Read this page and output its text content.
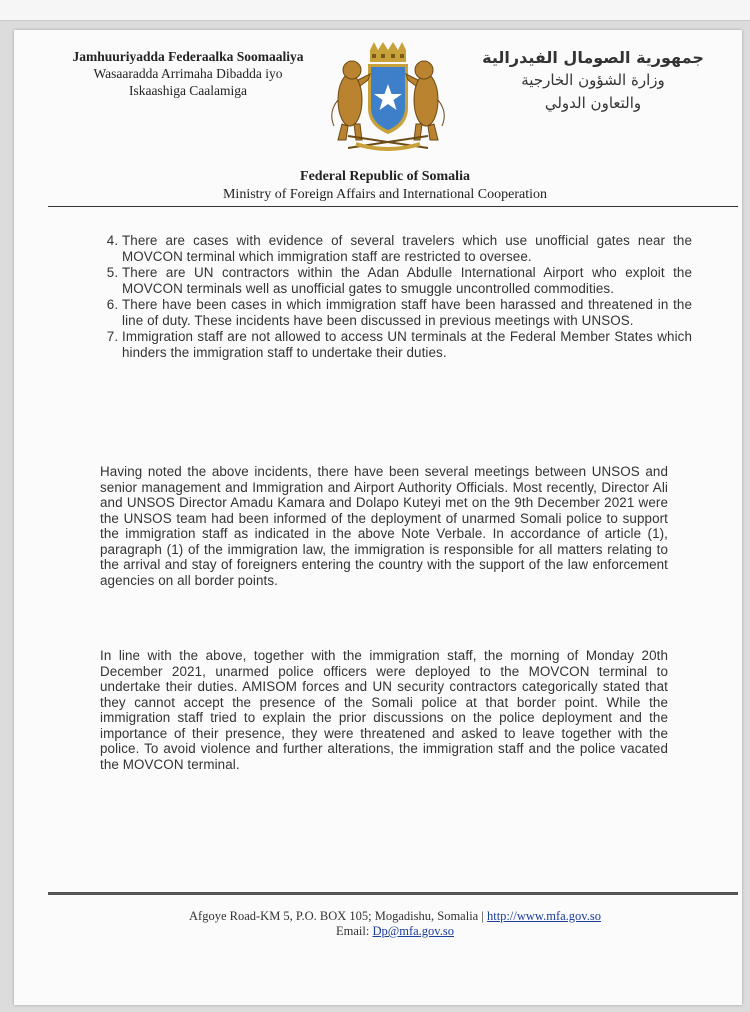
Jamhuuriyadda Federaalka Soomaaliya
Wasaaradda Arrimaha Dibadda iyo
Iskaashiga Caalamiga
جمهورية الصومال الفيدرالية
وزارة الشؤون الخارجية
والتعاون الدولي
Federal Republic of Somalia
Ministry of Foreign Affairs and International Cooperation
4. There are cases with evidence of several travelers which use unofficial gates near the MOVCON terminal which immigration staff are restricted to oversee.
5. There are UN contractors within the Adan Abdulle International Airport who exploit the MOVCON terminals well as unofficial gates to smuggle uncontrolled commodities.
6. There have been cases in which immigration staff have been harassed and threatened in the line of duty. These incidents have been discussed in previous meetings with UNSOS.
7. Immigration staff are not allowed to access UN terminals at the Federal Member States which hinders the immigration staff to undertake their duties.

Having noted the above incidents, there have been several meetings between UNSOS and senior management and Immigration and Airport Authority Officials. Most recently, Director Ali and UNSOS Director Amadu Kamara and Dolapo Kuteyi met on the 9th December 2021 were the UNSOS team had been informed of the deployment of unarmed Somali police to support the immigration staff as indicated in the above Note Verbale. In accordance of article (1), paragraph (1) of the immigration law, the immigration is responsible for all matters relating to the arrival and stay of foreigners entering the country with the support of the law enforcement agencies on all border points.

In line with the above, together with the immigration staff, the morning of Monday 20th December 2021, unarmed police officers were deployed to the MOVCON terminal to undertake their duties. AMISOM forces and UN security contractors categorically stated that they cannot accept the presence of the Somali police at that border point. While the immigration staff tried to explain the prior discussions on the police deployment and the importance of their presence, they were threatened and asked to leave together with the police. To avoid violence and further alterations, the immigration staff and the police vacated the MOVCON terminal.

Afgoye Road-KM 5, P.O. BOX 105; Mogadishu, Somalia | http://www.mfa.gov.so
Email: Dp@mfa.gov.so
